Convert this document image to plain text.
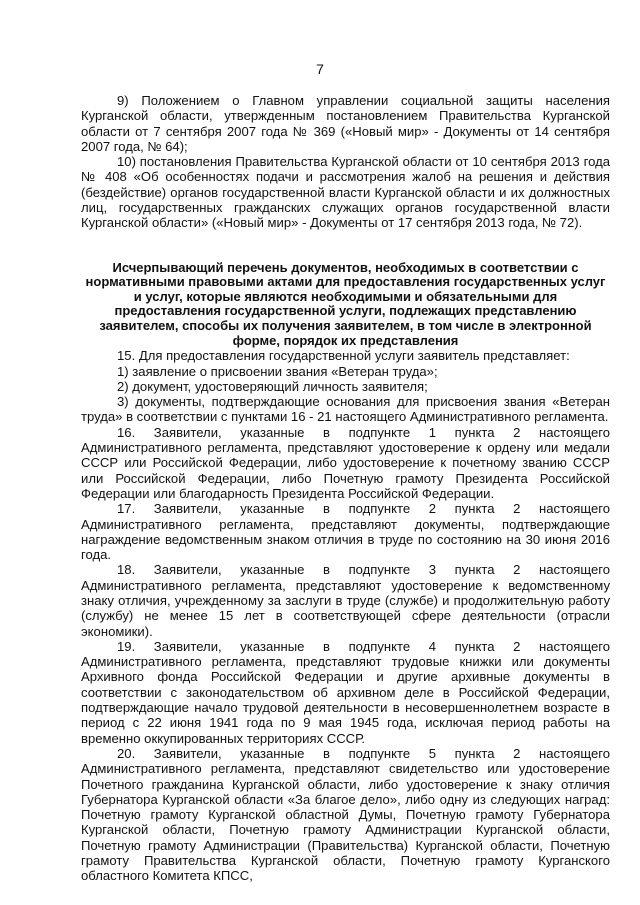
7

9) Положением о Главном управлении социальной защиты населения Курганской области, утвержденным постановлением Правительства Курганской области от 7 сентября 2007 года № 369 («Новый мир» - Документы от 14 сентября 2007 года, № 64);

10) постановления Правительства Курганской области от 10 сентября 2013 года № 408 «Об особенностях подачи и рассмотрения жалоб на решения и действия (бездействие) органов государственной власти Курганской области и их должностных лиц, государственных гражданских служащих органов государственной власти Курганской области» («Новый мир» - Документы от 17 сентября 2013 года, № 72).

Исчерпывающий перечень документов, необходимых в соответствии с нормативными правовыми актами для предоставления государственных услуг и услуг, которые являются необходимыми и обязательными для предоставления государственной услуги, подлежащих представлению заявителем, способы их получения заявителем, в том числе в электронной форме, порядок их представления

15. Для предоставления государственной услуги заявитель представляет:

1) заявление о присвоении звания «Ветеран труда»;

2) документ, удостоверяющий личность заявителя;

3) документы, подтверждающие основания для присвоения звания «Ветеран труда» в соответствии с пунктами 16 - 21 настоящего Административного регламента.

16. Заявители, указанные в подпункте 1 пункта 2 настоящего Административного регламента, представляют удостоверение к ордену или медали СССР или Российской Федерации, либо удостоверение к почетному званию СССР или Российской Федерации, либо Почетную грамоту Президента Российской Федерации или благодарность Президента Российской Федерации.

17. Заявители, указанные в подпункте 2 пункта 2 настоящего Административного регламента, представляют документы, подтверждающие награждение ведомственным знаком отличия в труде по состоянию на 30 июня 2016 года.

18. Заявители, указанные в подпункте 3 пункта 2 настоящего Административного регламента, представляют удостоверение к ведомственному знаку отличия, учрежденному за заслуги в труде (службе) и продолжительную работу (службу) не менее 15 лет в соответствующей сфере деятельности (отрасли экономики).

19. Заявители, указанные в подпункте 4 пункта 2 настоящего Административного регламента, представляют трудовые книжки или документы Архивного фонда Российской Федерации и другие архивные документы в соответствии с законодательством об архивном деле в Российской Федерации, подтверждающие начало трудовой деятельности в несовершеннолетнем возрасте в период с 22 июня 1941 года по 9 мая 1945 года, исключая период работы на временно оккупированных территориях СССР.

20. Заявители, указанные в подпункте 5 пункта 2 настоящего Административного регламента, представляют свидетельство или удостоверение Почетного гражданина Курганской области, либо удостоверение к знаку отличия Губернатора Курганской области «За благое дело», либо одну из следующих наград: Почетную грамоту Курганской областной Думы, Почетную грамоту Губернатора Курганской области, Почетную грамоту Администрации Курганской области, Почетную грамоту Администрации (Правительства) Курганской области, Почетную грамоту Правительства Курганской области, Почетную грамоту Курганского областного Комитета КПСС,
